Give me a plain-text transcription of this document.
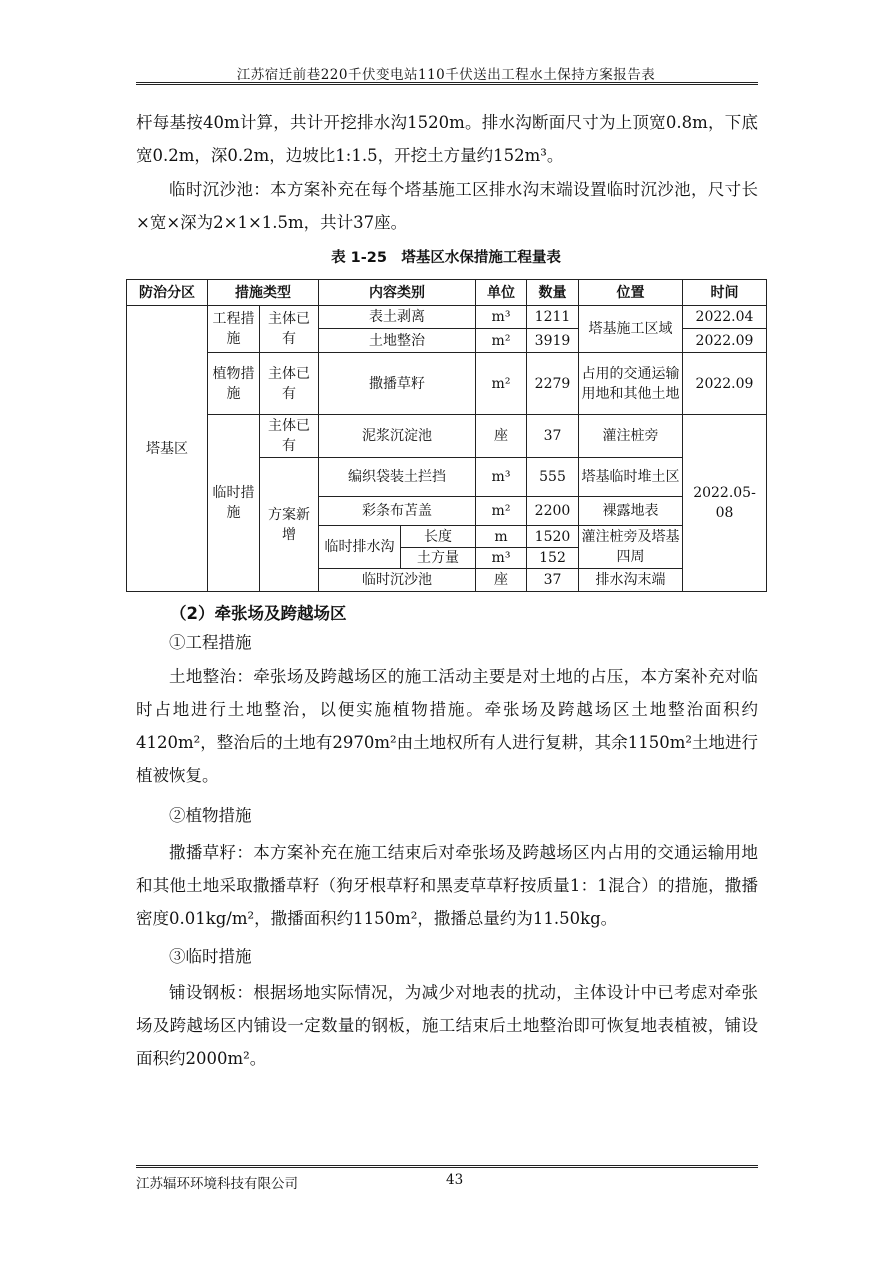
江苏宿迁前巷220千伏变电站110千伏送出工程水土保持方案报告表
杆每基按40m计算，共计开挖排水沟1520m。排水沟断面尺寸为上顶宽0.8m，下底宽0.2m，深0.2m，边坡比1:1.5，开挖土方量约152m³。
临时沉沙池：本方案补充在每个塔基施工区排水沟末端设置临时沉沙池，尺寸长×宽×深为2×1×1.5m，共计37座。
表 1-25　塔基区水保措施工程量表
防治分区	措施类型		内容类别		单位	数量	位置	时间
塔基区	工程措施	主体已有	表土剥离		m³	1211	塔基施工区域	2022.04
			土地整治		m²	3919		2022.09
	植物措施	主体已有	撒播草籽		m²	2279	占用的交通运输用地和其他土地	2022.09
	临时措施	主体已有	泥浆沉淀池		座	37	灌注桩旁	2022.05-08
		方案新增	编织袋装土拦挡		m³	555	塔基临时堆土区	
			彩条布苫盖		m²	2200	裸露地表	
			临时排水沟	长度	m	1520	灌注桩旁及塔基四周	
				土方量	m³	152		
			临时沉沙池		座	37	排水沟末端	
（2）牵张场及跨越场区
①工程措施
土地整治：牵张场及跨越场区的施工活动主要是对土地的占压，本方案补充对临时占地进行土地整治，以便实施植物措施。牵张场及跨越场区土地整治面积约4120m²，整治后的土地有2970m²由土地权所有人进行复耕，其余1150m²土地进行植被恢复。
②植物措施
撒播草籽：本方案补充在施工结束后对牵张场及跨越场区内占用的交通运输用地和其他土地采取撒播草籽（狗牙根草籽和黑麦草草籽按质量1：1混合）的措施，撒播密度0.01kg/m²，撒播面积约1150m²，撒播总量约为11.50kg。
③临时措施
铺设钢板：根据场地实际情况，为减少对地表的扰动，主体设计中已考虑对牵张场及跨越场区内铺设一定数量的钢板，施工结束后土地整治即可恢复地表植被，铺设面积约2000m²。
江苏辐环环境科技有限公司	43
